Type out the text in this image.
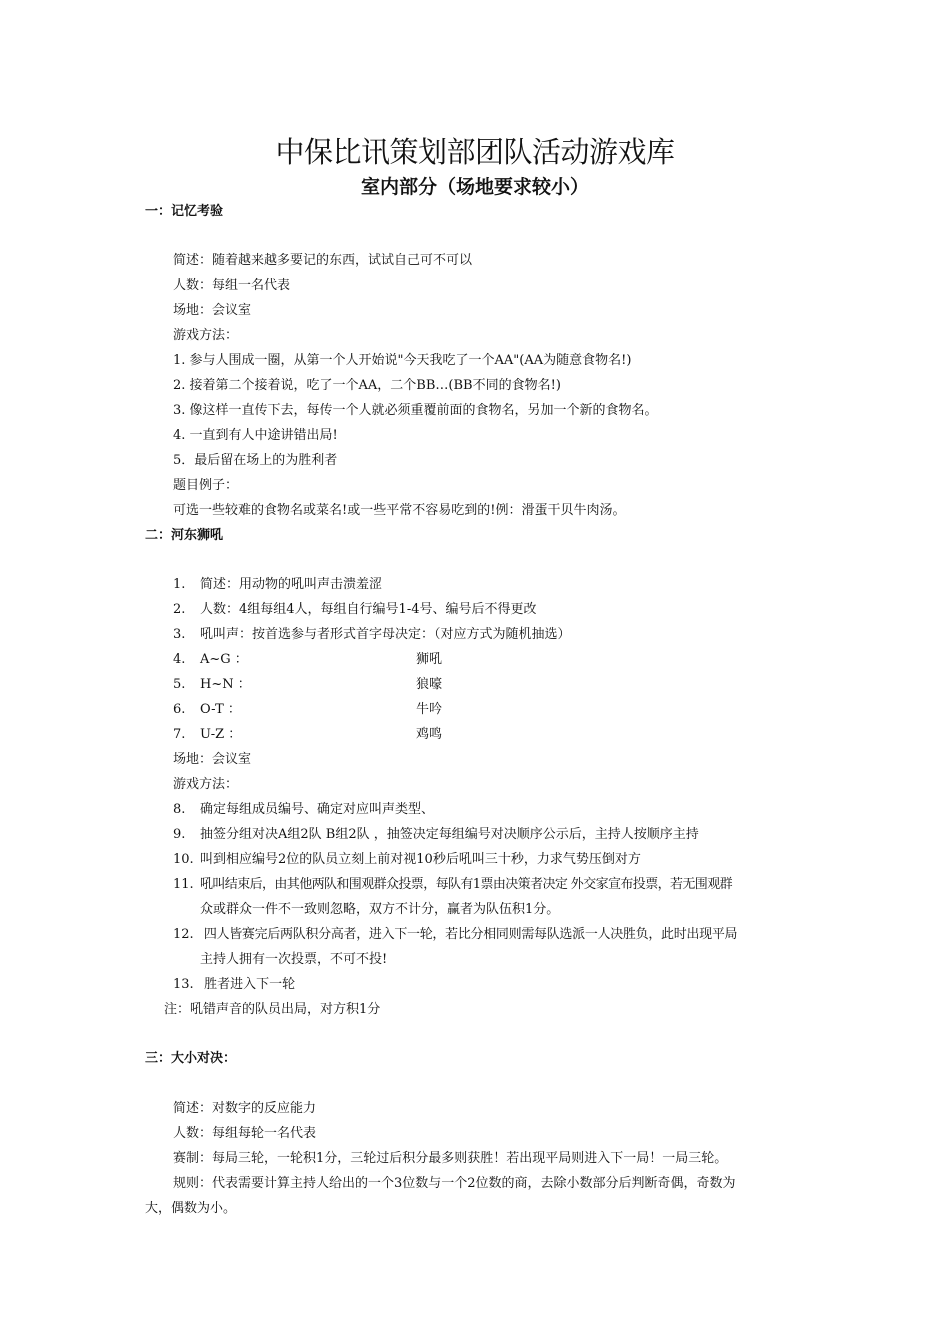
中保比讯策划部团队活动游戏库
室内部分（场地要求较小）
一：记忆考验
简述：随着越来越多要记的东西，试试自己可不可以
人数：每组一名代表
场地：会议室
游戏方法：
1. 参与人围成一圈，从第一个人开始说"今天我吃了一个AA"(AA为随意食物名!)
2. 接着第二个接着说，吃了一个AA，二个BB…(BB不同的食物名!)
3. 像这样一直传下去，每传一个人就必须重覆前面的食物名，另加一个新的食物名。
4. 一直到有人中途讲错出局!
5．最后留在场上的为胜利者
题目例子：
可选一些较难的食物名或菜名!或一些平常不容易吃到的!例：滑蛋干贝牛肉汤。
二：河东狮吼
1. 简述：用动物的吼叫声击溃羞涩
2. 人数：4组每组4人，每组自行编号1-4号、编号后不得更改
3. 吼叫声：按首选参与者形式首字母决定：（对应方式为随机抽选）
4. A~G ：	狮吼
5. H~N ：	狼嚎
6. O-T ：	牛吟
7. U-Z ：	鸡鸣
场地：会议室
游戏方法：
8. 确定每组成员编号、确定对应叫声类型、
9. 抽签分组对决A组2队 B组2队 ，抽签决定每组编号对决顺序公示后，主持人按顺序主持
10. 叫到相应编号2位的队员立刻上前对视10秒后吼叫三十秒，力求气势压倒对方
11. 吼叫结束后，由其他两队和围观群众投票，每队有1票由决策者决定 外交家宣布投票，若无围观群
众或群众一件不一致则忽略，双方不计分，赢者为队伍积1分。
12. 四人皆赛完后两队积分高者，进入下一轮，若比分相同则需每队选派一人决胜负，此时出现平局
主持人拥有一次投票，不可不投!
13. 胜者进入下一轮
注：吼错声音的队员出局，对方积1分
三：大小对决：
简述：对数字的反应能力
人数：每组每轮一名代表
赛制：每局三轮，一轮积1分，三轮过后积分最多则获胜！若出现平局则进入下一局！一局三轮。
规则：代表需要计算主持人给出的一个3位数与一个2位数的商，去除小数部分后判断奇偶，奇数为
大，偶数为小。
